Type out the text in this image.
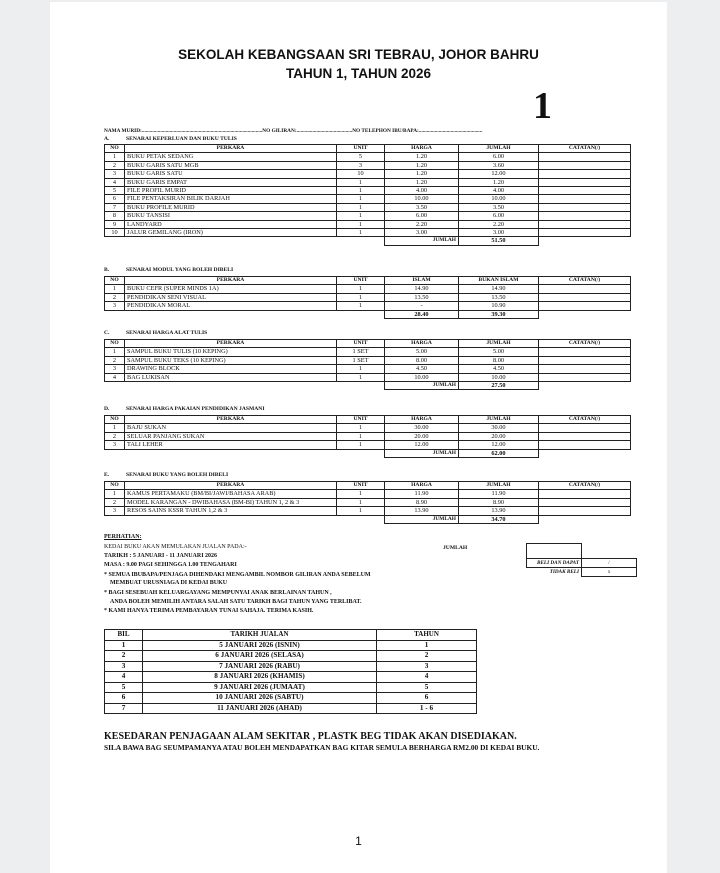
SEKOLAH KEBANGSAAN SRI TEBRAU, JOHOR BAHRU
TAHUN 1, TAHUN 2026
1
NAMA MURID:...........................................................................................NO GILIRAN:..........................................NO TELEPHON IBU/BAPA:................................................
A.	SENARAI KEPERLUAN DAN BUKU TULIS
NO	PERKARA	UNIT	HARGA	JUMLAH	CATATAN(/)
1	BUKU PETAK SEDANG	5	1.20	6.00	
2	BUKU GARIS SATU MGB	3	1.20	3.60	
3	BUKU GARIS SATU	10	1.20	12.00	
4	BUKU GARIS EMPAT	1	1.20	1.20	
5	FILE PROFIL MURID	1	4.00	4.00	
6	FILE PENTAKSIRAN BILIK DARJAH	1	10.00	10.00	
7	BUKU PROFILE MURID	1	3.50	3.50	
8	BUKU TANSISI	1	6.00	6.00	
9	LANDYARD	1	2.20	2.20	
10	JALUR GEMILANG (IRON)	1	3.00	3.00	
			JUMLAH	51.50	
B.	SENARAI MODUL YANG BOLEH DIBELI
NO	PERKARA	UNIT	ISLAM	BUKAN ISLAM	CATATAN(/)
1	BUKU CEFR (SUPER MINDS 1A)	1	14.90	14.90	
2	PENDIDIKAN SENI VISUAL	1	13.50	13.50	
3	PENDIDIKAN MORAL	1	-	10.90	
			28.40	39.30	
C.	SENARAI HARGA ALAT TULIS
NO	PERKARA	UNIT	HARGA	JUMLAH	CATATAN(/)
1	SAMPUL BUKU TULIS (10 KEPING)	1 SET	5.00	5.00	
2	SAMPUL BUKU TEKS (10 KEPING)	1 SET	8.00	8.00	
3	DRAWING BLOCK	1	4.50	4.50	
4	BAG LUKISAN	1	10.00	10.00	
			JUMLAH	27.50	
D.	SENARAI HARGA PAKAIAN PENDIDIKAN JASMANI
NO	PERKARA	UNIT	HARGA	JUMLAH	CATATAN(/)
1	BAJU SUKAN	1	30.00	30.00	
2	SELUAR PANJANG SUKAN	1	20.00	20.00	
3	TALI LEHER	1	12.00	12.00	
			JUMLAH	62.00	
E.	SENARAI BUKU YANG BOLEH DIBELI
NO	PERKARA	UNIT	HARGA	JUMLAH	CATATAN(/)
1	KAMUS PERTAMAKU (BM/BI/JAWI/BAHASA ARAB)	1	11.90	11.90	
2	MODEL KARANGAN - DWIBAHASA (BM-BI) TAHUN 1, 2 & 3	1	8.90	8.90	
3	RESOS SAINS KSSR TAHUN 1,2 & 3	1	13.90	13.90	
			JUMLAH	34.70	
PERHATIAN:
KEDAI BUKU AKAN MEMULAKAN JUALAN PADA:-
TARIKH : 5 JANUARI - 11 JANUARI 2026
MASA : 9.00 PAGI SEHINGGA 1.00 TENGAHARI
* SEMUA IBUBAPA/PENJAGA DIHENDAKI MENGAMBIL NOMBOR GILIRAN ANDA SEBELUM
MEMBUAT URUSNIAGA DI KEDAI BUKU
* BAGI SESEBUAH KELUARGAYANG MEMPUNYAI ANAK BERLAINAN TAHUN ,
ANDA BOLEH MEMILIH ANTARA SALAH SATU TARIKH BAGI TAHUN YANG TERLIBAT.
* KAMI HANYA TERIMA PEMBAYARAN TUNAI SAHAJA. TERIMA KASIH.
JUMLAH

	BELI DAN DAPAT	/
	TIDAK BELI	x
BIL	TARIKH JUALAN	TAHUN
1	5 JANUARI 2026 (ISNIN)	1
2	6 JANUARI 2026 (SELASA)	2
3	7 JANUARI 2026 (RABU)	3
4	8 JANUARI 2026 (KHAMIS)	4
5	9 JANUARI 2026 (JUMAAT)	5
6	10 JANUARI 2026 (SABTU)	6
7	11 JANUARI 2026 (AHAD)	1 - 6
KESEDARAN PENJAGAAN ALAM SEKITAR , PLASTK BEG TIDAK AKAN DISEDIAKAN.
SILA BAWA BAG SEUMPAMANYA ATAU BOLEH MENDAPATKAN BAG KITAR SEMULA BERHARGA RM2.00 DI KEDAI BUKU.
1
